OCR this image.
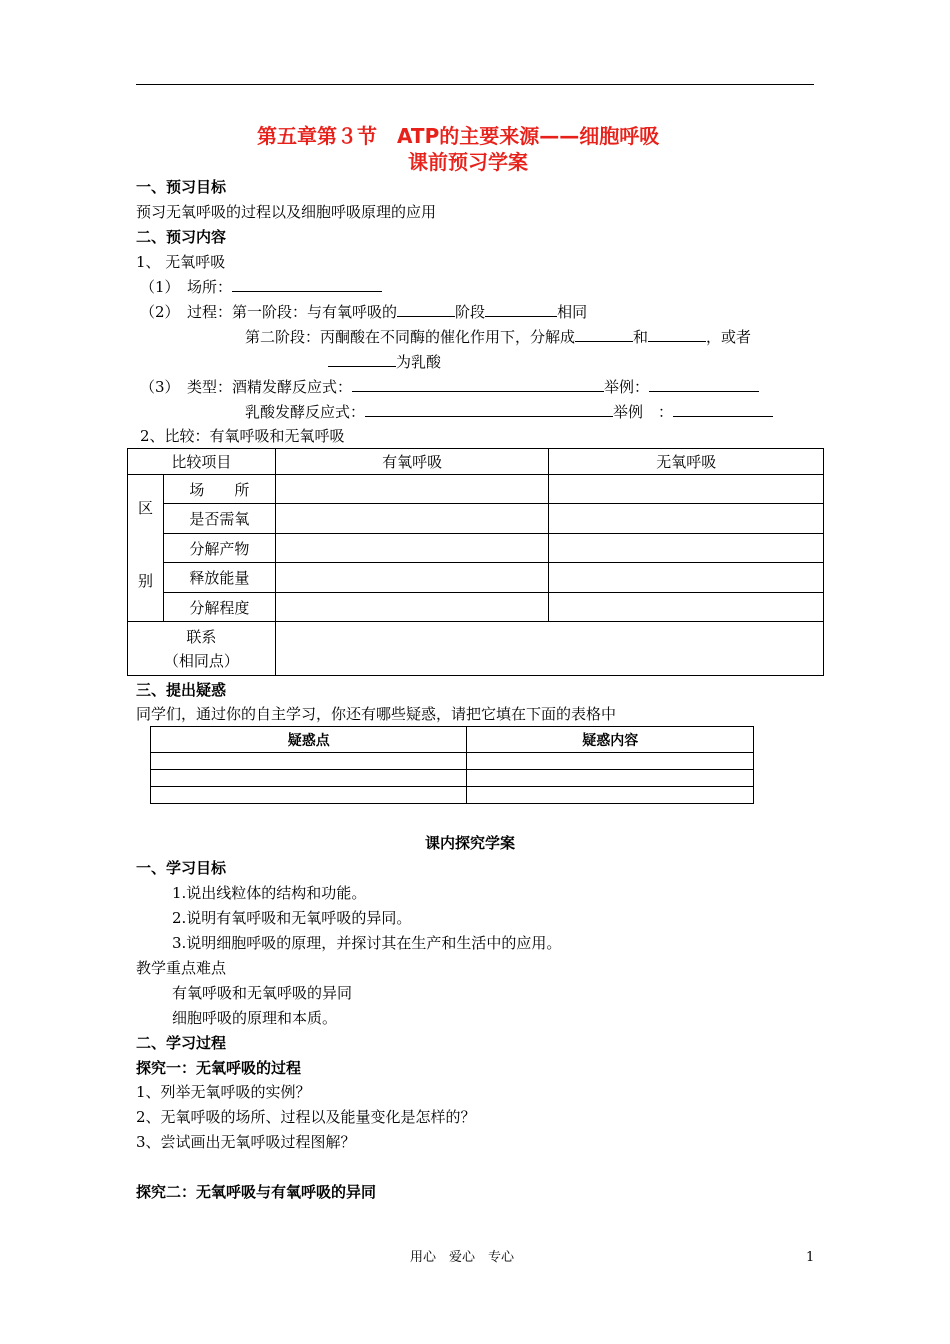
第五章第３节　ATP的主要来源——细胞呼吸
课前预习学案
一、预习目标
预习无氧呼吸的过程以及细胞呼吸原理的应用
二、预习内容
1、 无氧呼吸
（1）　场所：
（2）　过程：第一阶段：与有氧呼吸的	阶段	相同
第二阶段：丙酮酸在不同酶的催化作用下，分解成	和	，或者
为乳酸
（3）　类型：酒精发酵反应式：	举例：
乳酸发酵反应式：	举例　：
2、比较：有氧呼吸和无氧呼吸
比较项目		有氧呼吸	无氧呼吸

区
别	场　　所		
	是否需氧		
	分解产物		
	释放能量		
	分解程度		

联系
（相同点）			

三、提出疑惑
同学们，通过你的自主学习，你还有哪些疑惑，请把它填在下面的表格中
疑惑点	疑惑内容

课内探究学案
一、学习目标
1.说出线粒体的结构和功能。
2.说明有氧呼吸和无氧呼吸的异同。
3.说明细胞呼吸的原理，并探讨其在生产和生活中的应用。
教学重点难点
有氧呼吸和无氧呼吸的异同
细胞呼吸的原理和本质。
二、学习过程
探究一：无氧呼吸的过程
1、列举无氧呼吸的实例？
2、无氧呼吸的场所、过程以及能量变化是怎样的？
3、尝试画出无氧呼吸过程图解？
探究二：无氧呼吸与有氧呼吸的异同
用心　爱心　专心	1
